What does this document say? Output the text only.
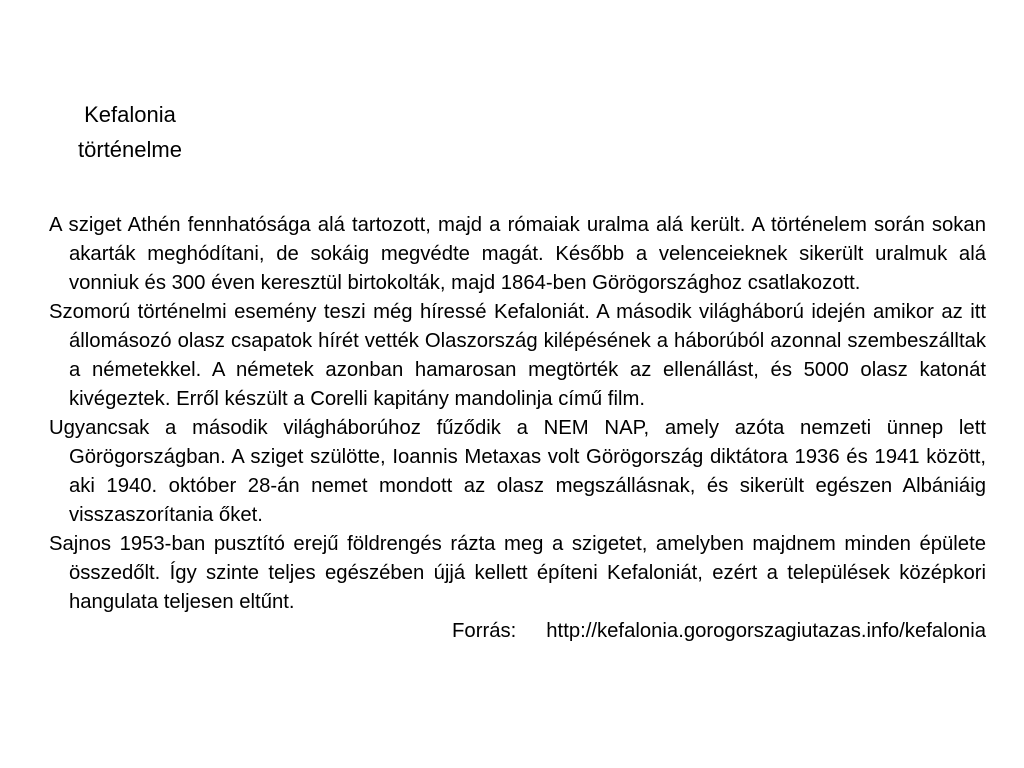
Kefalonia
történelme

A sziget Athén fennhatósága alá tartozott, majd a rómaiak uralma alá került. A történelem során sokan akarták meghódítani, de sokáig megvédte magát. Később a velenceieknek sikerült uralmuk alá vonniuk és 300 éven keresztül birtokolták, majd 1864-ben Görögországhoz csatlakozott.

Szomorú történelmi esemény teszi még híressé Kefaloniát. A második világháború idején amikor az itt állomásozó olasz csapatok hírét vették Olaszország kilépésének a háborúból azonnal szembeszálltak a németekkel. A németek azonban hamarosan megtörték az ellenállást, és 5000 olasz katonát kivégeztek. Erről készült a Corelli kapitány mandolinja című film.

Ugyancsak a második világháborúhoz fűződik a NEM NAP, amely azóta nemzeti ünnep lett Görögországban. A sziget szülötte, Ioannis Metaxas volt Görögország diktátora 1936 és 1941 között, aki 1940. október 28-án nemet mondott az olasz megszállásnak, és sikerült egészen Albániáig visszaszorítania őket.

Sajnos 1953-ban pusztító erejű földrengés rázta meg a szigetet, amelyben majdnem minden épülete összedőlt. Így szinte teljes egészében újjá kellett építeni Kefaloniát, ezért a települések középkori hangulata teljesen eltűnt.

Forrás: http://kefalonia.gorogorszagiutazas.info/kefalonia
